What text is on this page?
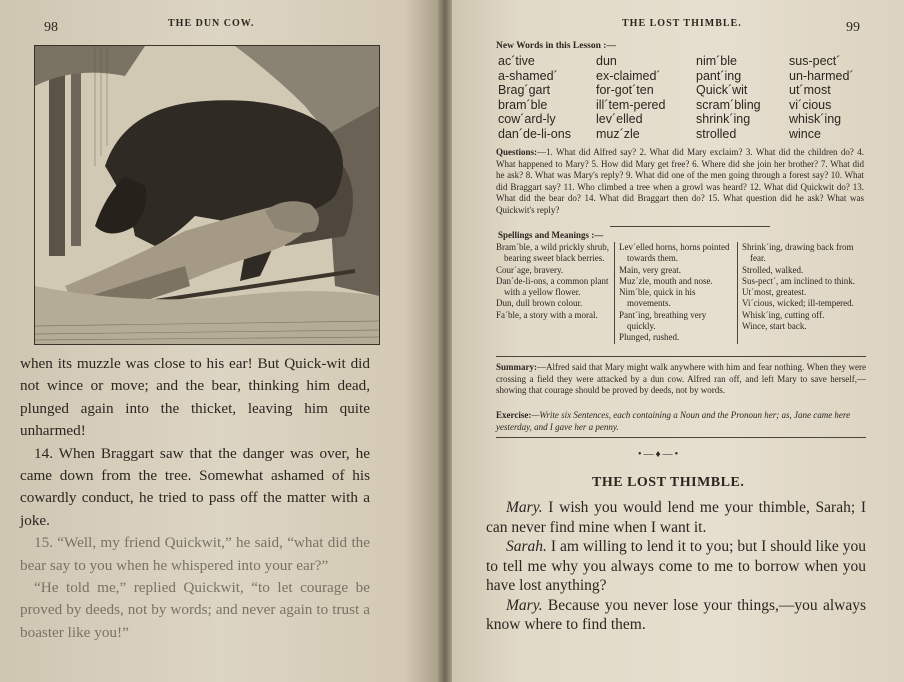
98	THE DUN COW.

when its muzzle was close to his ear! But Quick-wit did not wince or move; and the bear, thinking him dead, plunged again into the thicket, leaving him quite unharmed!

14. When Braggart saw that the danger was over, he came down from the tree. Somewhat ashamed of his cowardly conduct, he tried to pass off the matter with a joke.

15. “Well, my friend Quickwit,” he said, “what did the bear say to you when he whispered into your ear?”

“He told me,” replied Quickwit, “to let courage be proved by deeds, not by words; and never again to trust a boaster like you!”

THE LOST THIMBLE.	99
New Words in this Lesson :—
ac´tive	dun	nim´ble	sus-pect´
a-shamed´	ex-claimed´	pant´ing	un-harmed´
Brag´gart	for-got´ten	Quick´wit	ut´most
bram´ble	ill´tem-pered	scram´bling	vi´cious
cow´ard-ly	lev´elled	shrink´ing	whisk´ing
dan´de-li-ons	muz´zle	strolled	wince
Questions:—1. What did Alfred say? 2. What did Mary exclaim? 3. What did the children do? 4. What happened to Mary? 5. How did Mary get free? 6. Where did she join her brother? 7. What did he ask? 8. What was Mary's reply? 9. What did one of the men going through a forest say? 10. What did Braggart say? 11. Who climbed a tree when a growl was heard? 12. What did Quickwit do? 13. What did the bear do? 14. What did Braggart then do? 15. What question did he ask? What was Quickwit's reply?
Spellings and Meanings :—
Bram´ble, a wild prickly shrub, bearing sweet black berries.
Cour´age, bravery.
Dan´de-li-ons, a common plant with a yellow flower.
Dun, dull brown colour.
Fa´ble, a story with a moral.
Lev´elled horns, horns pointed towards them.
Main, very great.
Muz´zle, mouth and nose.
Nim´ble, quick in his movements.
Pant´ing, breathing very quickly.
Plunged, rushed.
Shrink´ing, drawing back from fear.
Strolled, walked.
Sus-pect´, am inclined to think.
Ut´most, greatest.
Vi´cious, wicked; ill-tempered.
Whisk´ing, cutting off.
Wince, start back.
Summary:—Alfred said that Mary might walk anywhere with him and fear nothing. When they were crossing a field they were attacked by a dun cow. Alfred ran off, and left Mary to save herself,—showing that courage should be proved by deeds, not by words.
Exercise:—Write six Sentences, each containing a Noun and the Pronoun her; as, Jane came here yesterday, and I gave her a penny.
•—♦—•
THE LOST THIMBLE.

Mary. I wish you would lend me your thimble, Sarah; I can never find mine when I want it.

Sarah. I am willing to lend it to you; but I should like you to tell me why you always come to me to borrow when you have lost anything?

Mary. Because you never lose your things,—you always know where to find them.
